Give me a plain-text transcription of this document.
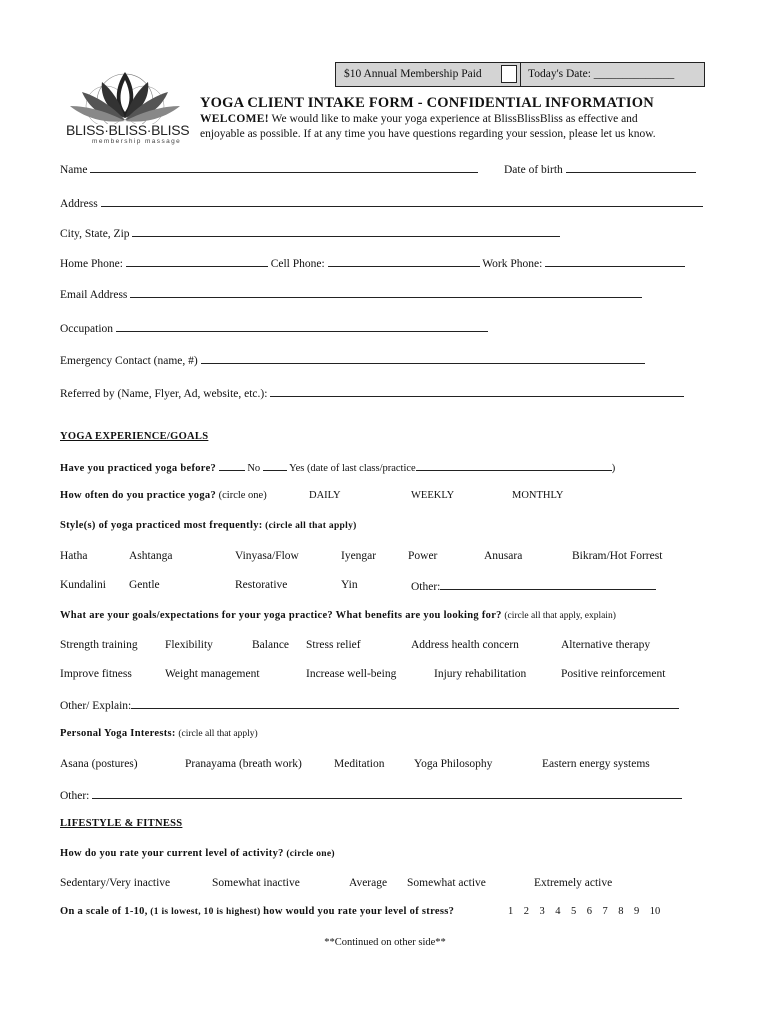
$10 Annual Membership Paid	Today's Date: ______________
BLISS·BLISS·BLISS
membership massage
YOGA CLIENT INTAKE FORM - CONFIDENTIAL INFORMATION
WELCOME! We would like to make your yoga experience at BlissBlissBliss as effective and
enjoyable as possible. If at any time you have questions regarding your session, please let us know.
Name	Date of birth
Address
City, State, Zip
Home Phone:	Cell Phone:	Work Phone:
Email Address
Occupation
Emergency Contact (name, #)
Referred by (Name, Flyer, Ad, website, etc.):
YOGA EXPERIENCE/GOALS
Have you practiced yoga before?	No	Yes (date of last class/practice	)
How often do you practice yoga? (circle one)	DAILY	WEEKLY	MONTHLY
Style(s) of yoga practiced most frequently: (circle all that apply)
Hatha	Ashtanga	Vinyasa/Flow	Iyengar	Power	Anusara	Bikram/Hot Forrest
Kundalini Gentle	Restorative	Yin	Other:
What are your goals/expectations for your yoga practice? What benefits are you looking for? (circle all that apply, explain)
Strength training Flexibility	Balance Stress relief	Address health concern	Alternative therapy
Improve fitness	Weight management	Increase well-being	Injury rehabilitation	Positive reinforcement
Other/ Explain:
Personal Yoga Interests: (circle all that apply)
Asana (postures)	Pranayama (breath work)	Meditation	Yoga Philosophy	Eastern energy systems
Other:
LIFESTYLE & FITNESS
How do you rate your current level of activity? (circle one)
Sedentary/Very inactive	Somewhat inactive	Average Somewhat active	Extremely active
On a scale of 1-10, (1 is lowest, 10 is highest) how would you rate your level of stress?	1 2 3 4 5 6 7 8 9 10
**Continued on other side**
